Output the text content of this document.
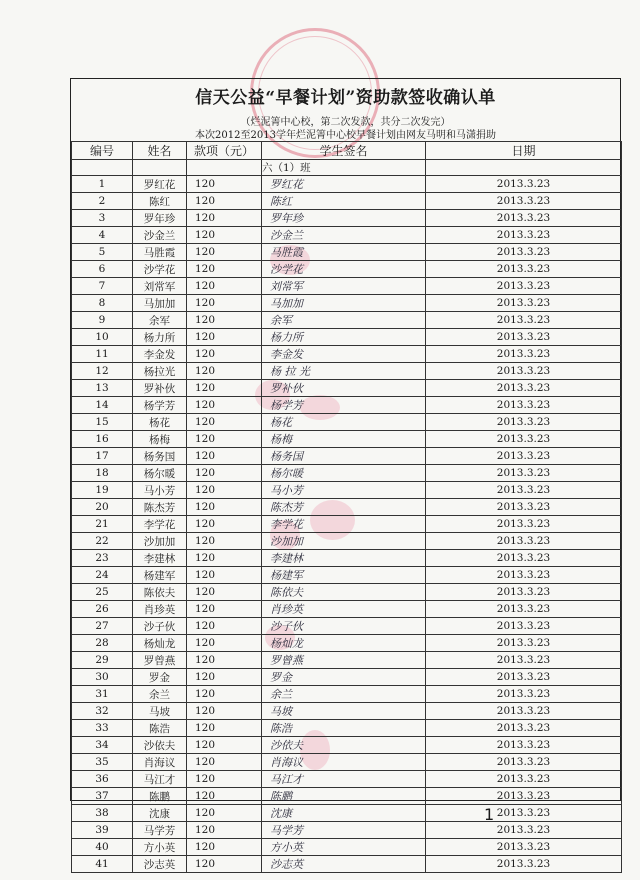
信天公益“早餐计划”资助款签收确认单
（烂泥箐中心校，第二次发款，共分二次发完）
本次2012至2013学年烂泥箐中心校早餐计划由网友马明和马潇捐助
编号	姓名	款项（元）	学生签名	日期
			六（1）班	
1	罗红花	120	罗红花	2013.3.23
2	陈红	120	陈红	2013.3.23
3	罗年珍	120	罗年珍	2013.3.23
4	沙金兰	120	沙金兰	2013.3.23
5	马胜霞	120	马胜霞	2013.3.23
6	沙学花	120	沙学花	2013.3.23
7	刘常军	120	刘常军	2013.3.23
8	马加加	120	马加加	2013.3.23
9	余军	120	余军	2013.3.23
10	杨力所	120	杨力所	2013.3.23
11	李金发	120	李金发	2013.3.23
12	杨拉光	120	杨 拉 光	2013.3.23
13	罗补伙	120	罗补伙	2013.3.23
14	杨学芳	120	杨学芳	2013.3.23
15	杨花	120	杨花	2013.3.23
16	杨梅	120	杨梅	2013.3.23
17	杨务国	120	杨务国	2013.3.23
18	杨尔暖	120	杨尔暖	2013.3.23
19	马小芳	120	马小芳	2013.3.23
20	陈杰芳	120	陈杰芳	2013.3.23
21	李学花	120	李学花	2013.3.23
22	沙加加	120	沙加加	2013.3.23
23	李建林	120	李建林	2013.3.23
24	杨建军	120	杨建军	2013.3.23
25	陈依夫	120	陈依夫	2013.3.23
26	肖珍英	120	肖珍英	2013.3.23
27	沙子伙	120	沙子伙	2013.3.23
28	杨灿龙	120	杨灿龙	2013.3.23
29	罗曾燕	120	罗曾燕	2013.3.23
30	罗金	120	罗金	2013.3.23
31	余兰	120	余兰	2013.3.23
32	马坡	120	马坡	2013.3.23
33	陈浩	120	陈浩	2013.3.23
34	沙依夫	120	沙依夫	2013.3.23
35	肖海议	120	肖海议	2013.3.23
36	马江才	120	马江才	2013.3.23
37	陈鹏	120	陈鹏	2013.3.23
38	沈康	120	沈康	2013.3.23
39	马学芳	120	马学芳	2013.3.23
40	方小英	120	方小英	2013.3.23
41	沙志英	120	沙志英	2013.3.23
1
